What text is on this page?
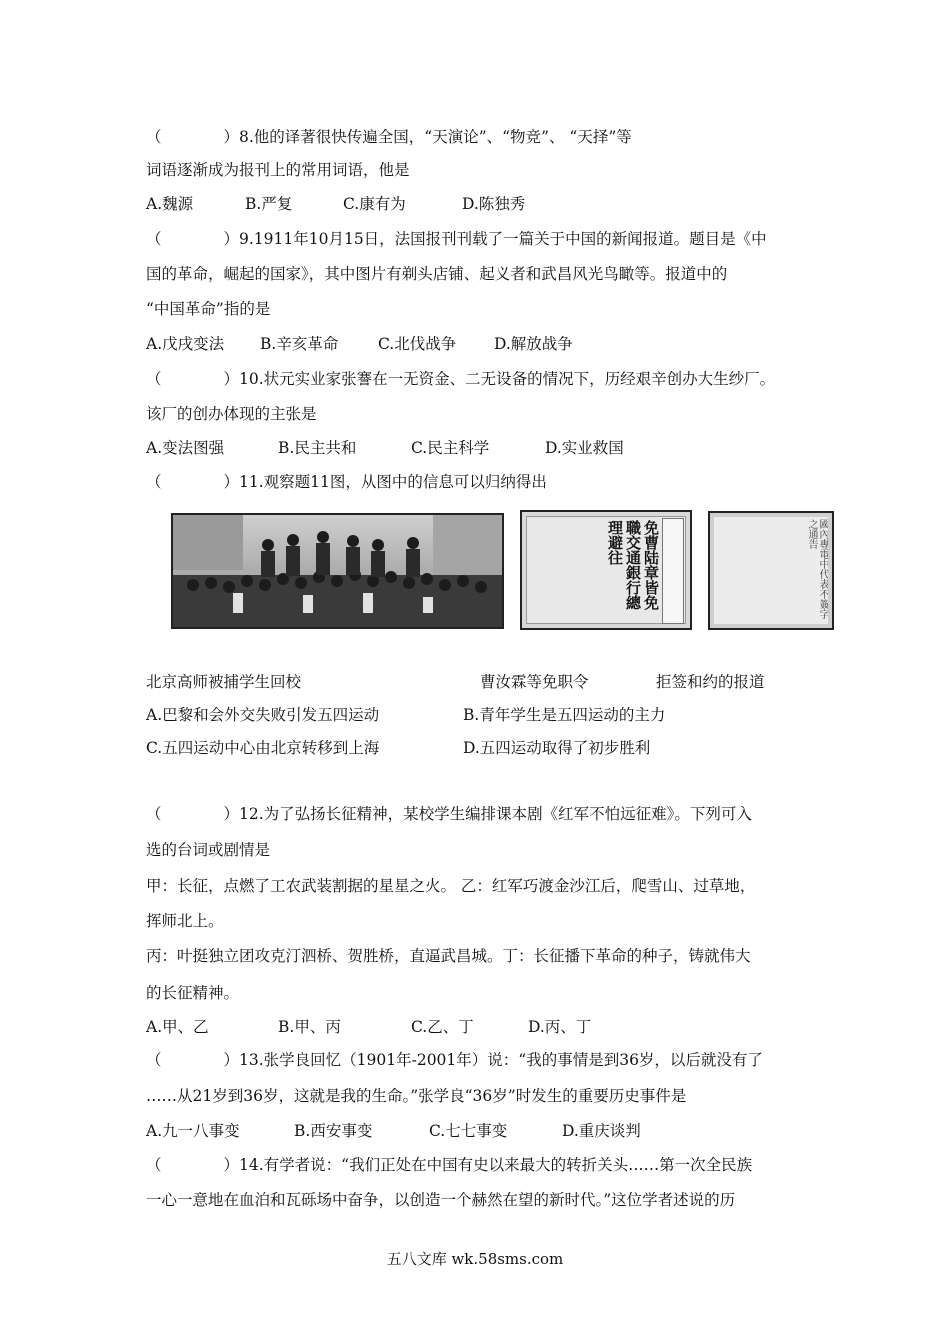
（　　　　）8.他的译著很快传遍全国，“天演论”、“物竞”、 “天择”等
词语逐渐成为报刊上的常用词语，他是
A.魏源	B.严复	C.康有为	D.陈独秀
（　　　　）9.1911年10月15日，法国报刊刊载了一篇关于中国的新闻报道。题目是《中
国的革命，崛起的国家》，其中图片有剃头店铺、起义者和武昌风光鸟瞰等。报道中的
“中国革命”指的是
A.戊戌变法 B.辛亥革命	C.北伐战争 D.解放战争
（　　　　）10.状元实业家张謇在一无资金、二无设备的情况下，历经艰辛创办大生纱厂。
该厂的创办体现的主张是
A.变法图强	B.民主共和	C.民主科学	D.实业救国
（　　　　）11.观察题11图，从图中的信息可以归纳得出
免曹陆章皆免職交通銀行總理避往	國內專電中代表不簽字之通告
北京高师被捕学生回校	曹汝霖等免职令	拒签和约的报道
A.巴黎和会外交失败引发五四运动	B.青年学生是五四运动的主力
C.五四运动中心由北京转移到上海	D.五四运动取得了初步胜利
（　　　　）12.为了弘扬长征精神，某校学生编排课本剧《红军不怕远征难》。下列可入
选的台词或剧情是
甲：长征，点燃了工农武装割据的星星之火。 乙：红军巧渡金沙江后，爬雪山、过草地，
挥师北上。
丙：叶挺独立团攻克汀泗桥、贺胜桥，直逼武昌城。丁：长征播下革命的种子，铸就伟大
的长征精神。
A.甲、乙	B.甲、丙	C.乙、丁	D.丙、丁
（　　　　）13.张学良回忆（1901年-2001年）说：“我的事情是到36岁，以后就没有了
……从21岁到36岁，这就是我的生命。”张学良“36岁”时发生的重要历史事件是
A.九一八事变	B.西安事变	C.七七事变	D.重庆谈判
（　　　　）14.有学者说：“我们正处在中国有史以来最大的转折关头……第一次全民族
一心一意地在血泊和瓦砾场中奋争，以创造一个赫然在望的新时代。”这位学者述说的历
五八文库 wk.58sms.com
